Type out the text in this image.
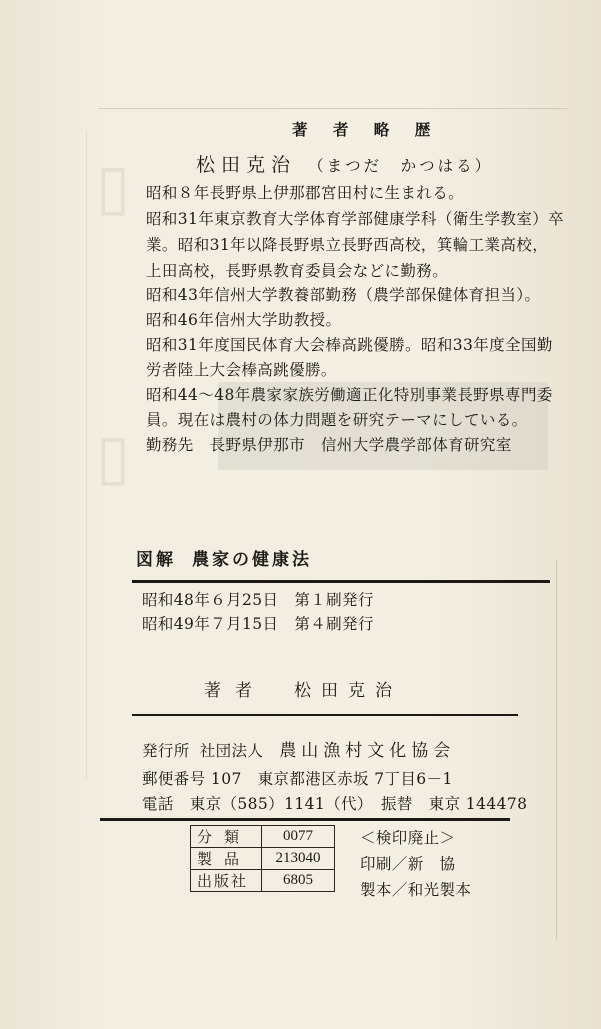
▯
▯
著 者 略 歴
松田克治 （まつだ　かつはる）
昭和８年長野県上伊那郡宮田村に生まれる。
昭和31年東京教育大学体育学部健康学科（衛生学教室）卒
業。昭和31年以降長野県立長野西高校，箕輪工業高校，
上田高校，長野県教育委員会などに勤務。
昭和43年信州大学教養部勤務（農学部保健体育担当）。
昭和46年信州大学助教授。
昭和31年度国民体育大会棒高跳優勝。昭和33年度全国勤
労者陸上大会棒高跳優勝。
昭和44～48年農家家族労働適正化特別事業長野県専門委
員。現在は農村の体力問題を研究テーマにしている。
勤務先　長野県伊那市　信州大学農学部体育研究室
図解 農家の健康法
昭和48年６月25日　第１刷発行
昭和49年７月15日　第４刷発行
著者 松田克治
発行所 社団法人 農山漁村文化協会
郵便番号 107　東京都港区赤坂 7丁目6－1
電話　東京（585）1141（代）　振替　東京 144478
分類	0077
製品	213040
出版社	6805
＜検印廃止＞
印刷／新　協
製本／和光製本
